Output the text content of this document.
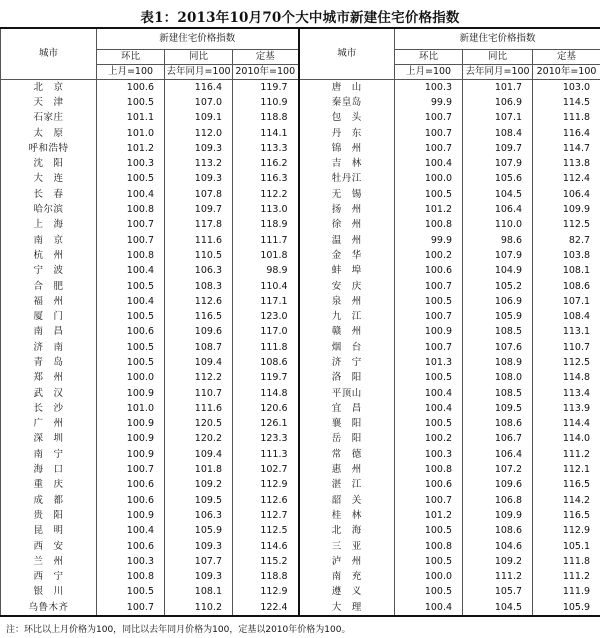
表1：2013年10月70个大中城市新建住宅价格指数
城市	新建住宅价格指数			城市	新建住宅价格指数		
	环比	同比	定基		环比	同比	定基
	上月=100	去年同月=100	2010年=100		上月=100	去年同月=100	2010年=100
北　京	100.6	116.4	119.7	唐　山	100.3	101.7	103.0
天　津	100.5	107.0	110.9	秦皇岛	99.9	106.9	114.5
石家庄	101.1	109.1	118.8	包　头	100.7	107.1	111.8
太　原	101.0	112.0	114.1	丹　东	100.7	108.4	116.4
呼和浩特	101.2	109.3	113.3	锦　州	100.7	109.7	114.7
沈　阳	100.3	113.2	116.2	吉　林	100.4	107.9	113.8
大　连	100.5	109.3	116.3	牡丹江	100.0	105.6	112.4
长　春	100.4	107.8	112.2	无　锡	100.5	104.5	106.4
哈尔滨	100.8	109.7	113.0	扬　州	101.2	106.4	109.9
上　海	100.7	117.8	118.9	徐　州	100.8	110.0	112.5
南　京	100.7	111.6	111.7	温　州	99.9	98.6	82.7
杭　州	100.8	110.5	101.8	金　华	100.2	107.9	103.8
宁　波	100.4	106.3	98.9	蚌　埠	100.6	104.9	108.1
合　肥	100.5	108.3	110.4	安　庆	100.7	105.2	108.6
福　州	100.4	112.6	117.1	泉　州	100.5	106.9	107.1
厦　门	100.5	116.5	123.0	九　江	100.7	105.9	108.4
南　昌	100.6	109.6	117.0	赣　州	100.9	108.5	113.1
济　南	100.5	108.7	111.8	烟　台	100.7	107.6	110.7
青　岛	100.5	109.4	108.6	济　宁	101.3	108.9	112.5
郑　州	100.0	112.2	119.7	洛　阳	100.5	108.0	114.8
武　汉	100.9	110.7	114.8	平顶山	100.4	108.5	113.4
长　沙	101.0	111.6	120.6	宜　昌	100.4	109.5	113.9
广　州	100.9	120.5	126.1	襄　阳	100.5	108.6	114.4
深　圳	100.9	120.2	123.3	岳　阳	100.2	106.7	114.0
南　宁	100.9	109.4	111.3	常　德	100.3	106.4	111.2
海　口	100.7	101.8	102.7	惠　州	100.8	107.2	112.1
重　庆	100.6	109.2	112.9	湛　江	100.6	109.6	116.5
成　都	100.6	109.5	112.6	韶　关	100.7	106.8	114.2
贵　阳	100.9	106.3	112.7	桂　林	101.2	109.9	116.5
昆　明	100.4	105.9	112.5	北　海	100.5	108.6	112.9
西　安	100.6	109.3	114.6	三　亚	100.8	104.6	105.1
兰　州	100.3	107.7	115.2	泸　州	100.5	109.2	111.8
西　宁	100.8	109.3	118.8	南　充	100.0	111.2	111.2
银　川	100.5	108.1	112.9	遵　义	100.5	105.7	111.9
乌鲁木齐	100.7	110.2	122.4	大　理	100.4	104.5	105.9
注：环比以上月价格为100，同比以去年同月价格为100，定基以2010年价格为100。
